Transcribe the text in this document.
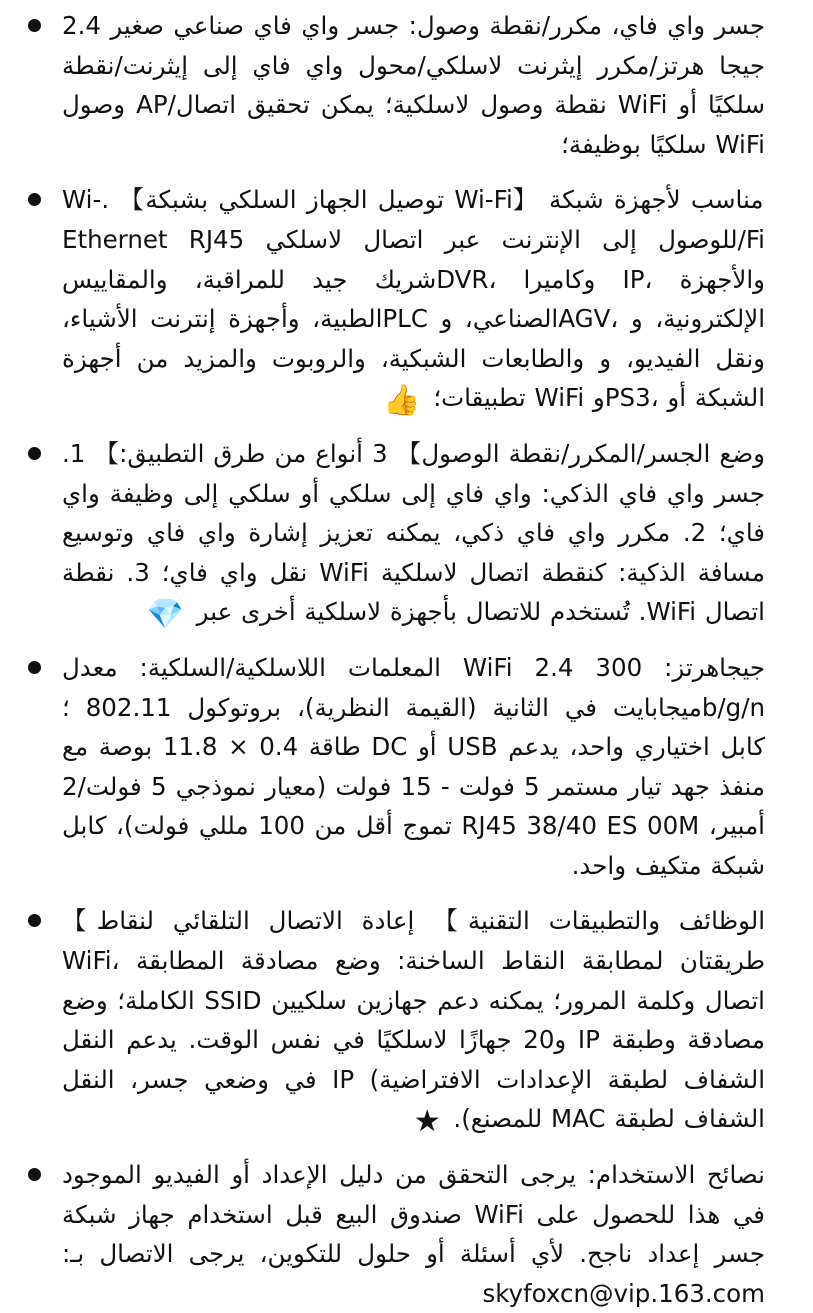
جسر واي فاي، مكرر/نقطة وصول: جسر واي فاي صناعي صغير 2.4 جيجا هرتز/مكرر إيثرنت لاسلكي/محول واي فاي إلى إيثرنت/نقطة سلكيًا أو WiFi نقطة وصول لاسلكية؛ يمكن تحقيق اتصال/AP وصول WiFi سلكيًا بوظيفة؛
مناسب لأجهزة شبكة 【Wi-Fi توصيل الجهاز السلكي بشبكة】 .Wi-Fi/للوصول إلى الإنترنت عبر اتصال لاسلكي Ethernet RJ45 والأجهزة ،IP وكاميرا ،DVRشريك جيد للمراقبة، والمقاييس الإلكترونية، و ،AGVالصناعي، و PLCالطبية، وأجهزة إنترنت الأشياء، ونقل الفيديو، و والطابعات الشبكية، والروبوت والمزيد من أجهزة الشبكة أو ،PS3و WiFi تطبيقات؛ 👍
وضع الجسر/المكرر/نقطة الوصول】 3 أنواع من طرق التطبيق:】 1. جسر واي فاي الذكي: واي فاي إلى سلكي أو سلكي إلى وظيفة واي فاي؛ 2. مكرر واي فاي ذكي، يمكنه تعزيز إشارة واي فاي وتوسيع مسافة الذكية: كنقطة اتصال لاسلكية WiFi نقل واي فاي؛ 3. نقطة اتصال WiFi. تُستخدم للاتصال بأجهزة لاسلكية أخرى عبر 💎
جيجاهرتز: 300 WiFi 2.4 المعلمات اللاسلكية/السلكية: معدل b/g/nميجابايت في الثانية (القيمة النظرية)، بروتوكول 802.11 ؛ كابل اختياري واحد، يدعم USB أو DC طاقة 0.4 × 11.8 بوصة مع منفذ جهد تيار مستمر 5 فولت - 15 فولت (معيار نموذجي 5 فولت/2 أمبير، RJ45 38/40 ES 00M تموج أقل من 100 مللي فولت)، كابل شبكة متكيف واحد.
الوظائف والتطبيقات التقنية】 إعادة الاتصال التلقائي لنقاط】 طريقتان لمطابقة النقاط الساخنة: وضع مصادقة المطابقة ،WiFi اتصال وكلمة المرور؛ يمكنه دعم جهازين سلكيين SSID الكاملة؛ وضع مصادقة وطبقة IP و20 جهازًا لاسلكيًا في نفس الوقت. يدعم النقل الشفاف لطبقة الإعدادات الافتراضية) IP في وضعي جسر، النقل الشفاف لطبقة MAC للمصنع). ★
نصائح الاستخدام: يرجى التحقق من دليل الإعداد أو الفيديو الموجود في هذا للحصول على WiFi صندوق البيع قبل استخدام جهاز شبكة جسر إعداد ناجح. لأي أسئلة أو حلول للتكوين، يرجى الاتصال بـ: skyfoxcn@vip.163.com
